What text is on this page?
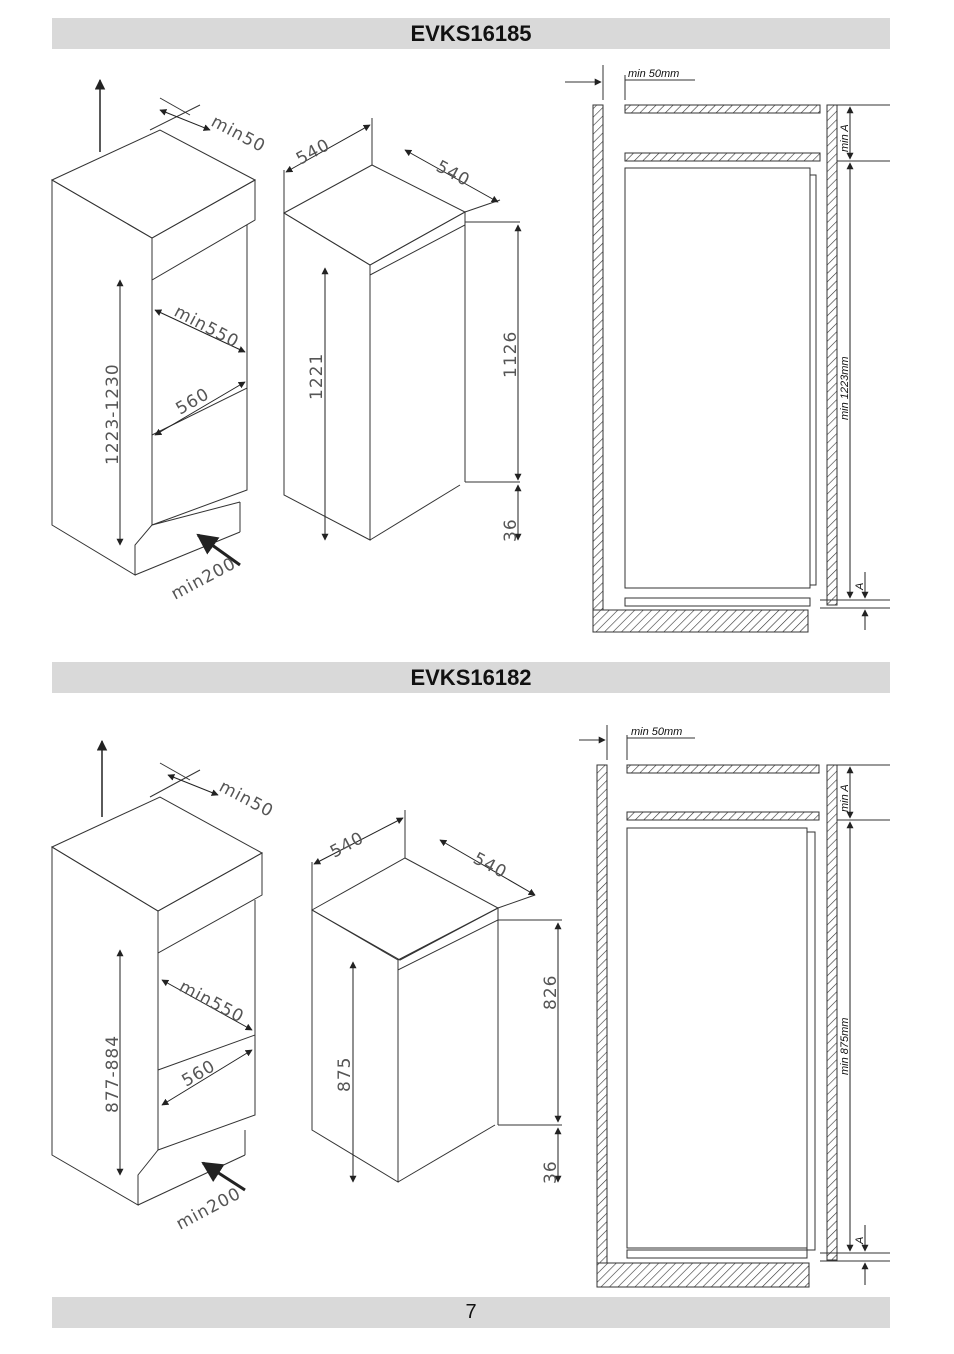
EVKS16185
min50
min550
560
1223-1230
min200
540
540
1221	1126
36
min 50mm
min A
min 1223mm
A
EVKS16182
min50
min550
560
877-884
min200
540
540
875
826
36
min 50mm
min A
min 875mm
A
7
